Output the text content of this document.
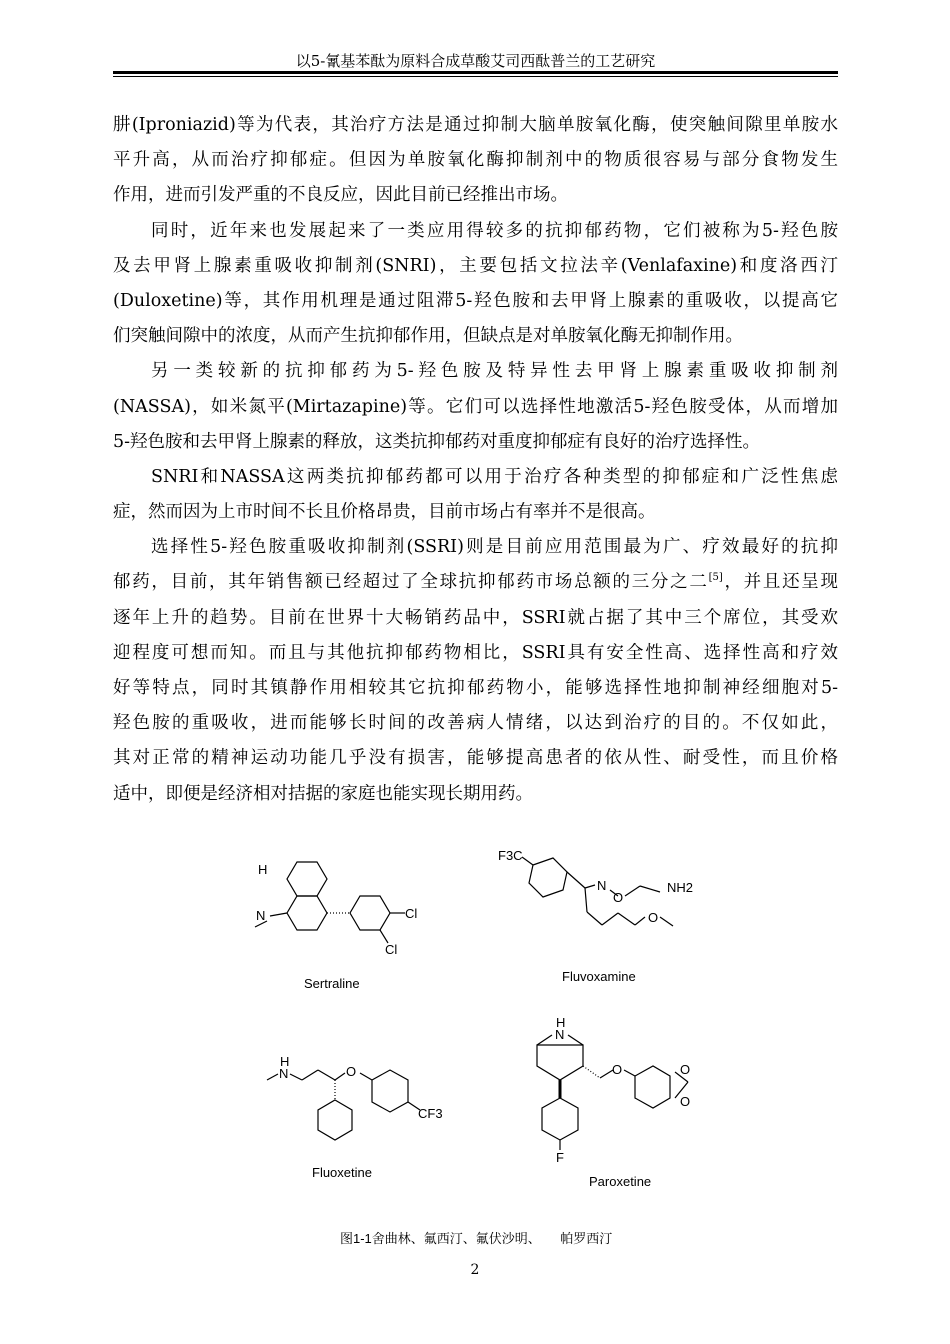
以5-氰基苯酞为原料合成草酸艾司西酞普兰的工艺研究
肼(Iproniazid)等为代表，其治疗方法是通过抑制大脑单胺氧化酶，使突触间隙里单胺水
平升高，从而治疗抑郁症。但因为单胺氧化酶抑制剂中的物质很容易与部分食物发生
作用，进而引发严重的不良反应，因此目前已经推出市场。
同时，近年来也发展起来了一类应用得较多的抗抑郁药物，它们被称为5-羟色胺
及去甲肾上腺素重吸收抑制剂(SNRI)，主要包括文拉法辛(Venlafaxine)和度洛西汀
(Duloxetine)等，其作用机理是通过阻滞5-羟色胺和去甲肾上腺素的重吸收，以提高它
们突触间隙中的浓度，从而产生抗抑郁作用，但缺点是对单胺氧化酶无抑制作用。
另一类较新的抗抑郁药为5-羟色胺及特异性去甲肾上腺素重吸收抑制剂
(NASSA)，如米氮平(Mirtazapine)等。它们可以选择性地激活5-羟色胺受体，从而增加
5-羟色胺和去甲肾上腺素的释放，这类抗抑郁药对重度抑郁症有良好的治疗选择性。
SNRI和NASSA这两类抗抑郁药都可以用于治疗各种类型的抑郁症和广泛性焦虑
症，然而因为上市时间不长且价格昂贵，目前市场占有率并不是很高。
选择性5-羟色胺重吸收抑制剂(SSRI)则是目前应用范围最为广、疗效最好的抗抑
郁药，目前，其年销售额已经超过了全球抗抑郁药市场总额的三分之二[5]，并且还呈现
逐年上升的趋势。目前在世界十大畅销药品中，SSRI就占据了其中三个席位，其受欢
迎程度可想而知。而且与其他抗抑郁药物相比，SSRI具有安全性高、选择性高和疗效
好等特点，同时其镇静作用相较其它抗抑郁药物小，能够选择性地抑制神经细胞对5-
羟色胺的重吸收，进而能够长时间的改善病人情绪，以达到治疗的目的。不仅如此，
其对正常的精神运动功能几乎没有损害，能够提高患者的依从性、耐受性，而且价格
适中，即便是经济相对拮据的家庭也能实现长期用药。
H
N	Cl
Cl
Sertraline
F3C
N
O
NH2
O
Fluvoxamine
H
N	O
CF3
Fluoxetine
H
N
O	O
O
F
Paroxetine
图1-1舍曲林、氟西汀、氟伏沙明、　　帕罗西汀
2
